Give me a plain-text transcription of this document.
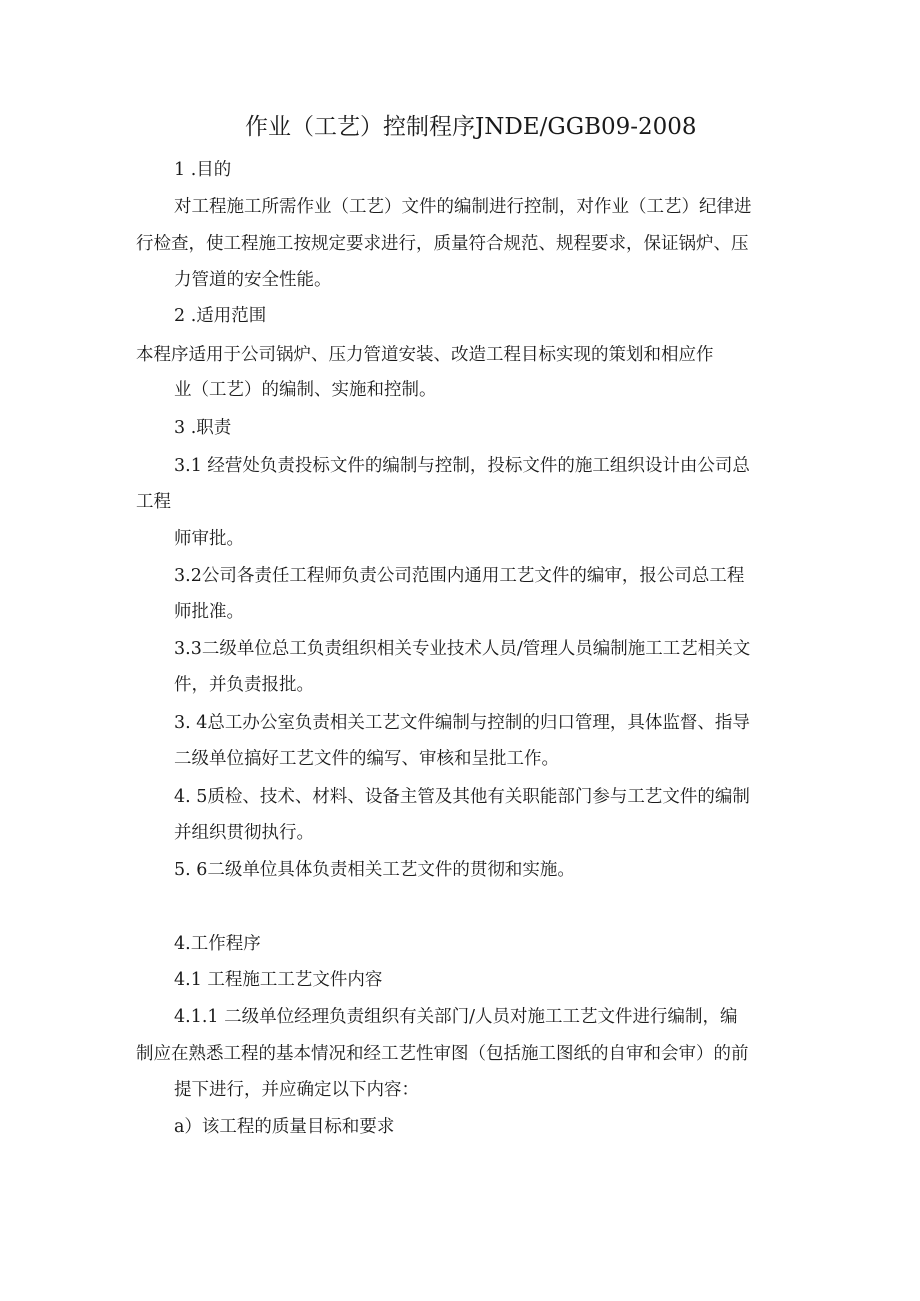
作业（工艺）控制程序JNDE/GGB09-2008
1 .目的
对工程施工所需作业（工艺）文件的编制进行控制，对作业（工艺）纪律进
行检查，使工程施工按规定要求进行，质量符合规范、规程要求，保证锅炉、压
力管道的安全性能。
2 .适用范围
本程序适用于公司锅炉、压力管道安装、改造工程目标实现的策划和相应作
业（工艺）的编制、实施和控制。
3 .职责
3.1 经营处负责投标文件的编制与控制，投标文件的施工组织设计由公司总
工程
师审批。
3.2公司各责任工程师负责公司范围内通用工艺文件的编审，报公司总工程
师批准。
3.3二级单位总工负责组织相关专业技术人员/管理人员编制施工工艺相关文
件，并负责报批。
3. 4总工办公室负责相关工艺文件编制与控制的归口管理，具体监督、指导
二级单位搞好工艺文件的编写、审核和呈批工作。
4. 5质检、技术、材料、设备主管及其他有关职能部门参与工艺文件的编制
并组织贯彻执行。
5. 6二级单位具体负责相关工艺文件的贯彻和实施。
4.工作程序
4.1 工程施工工艺文件内容
4.1.1 二级单位经理负责组织有关部门/人员对施工工艺文件进行编制，编
制应在熟悉工程的基本情况和经工艺性审图（包括施工图纸的自审和会审）的前
提下进行，并应确定以下内容：
a）该工程的质量目标和要求
